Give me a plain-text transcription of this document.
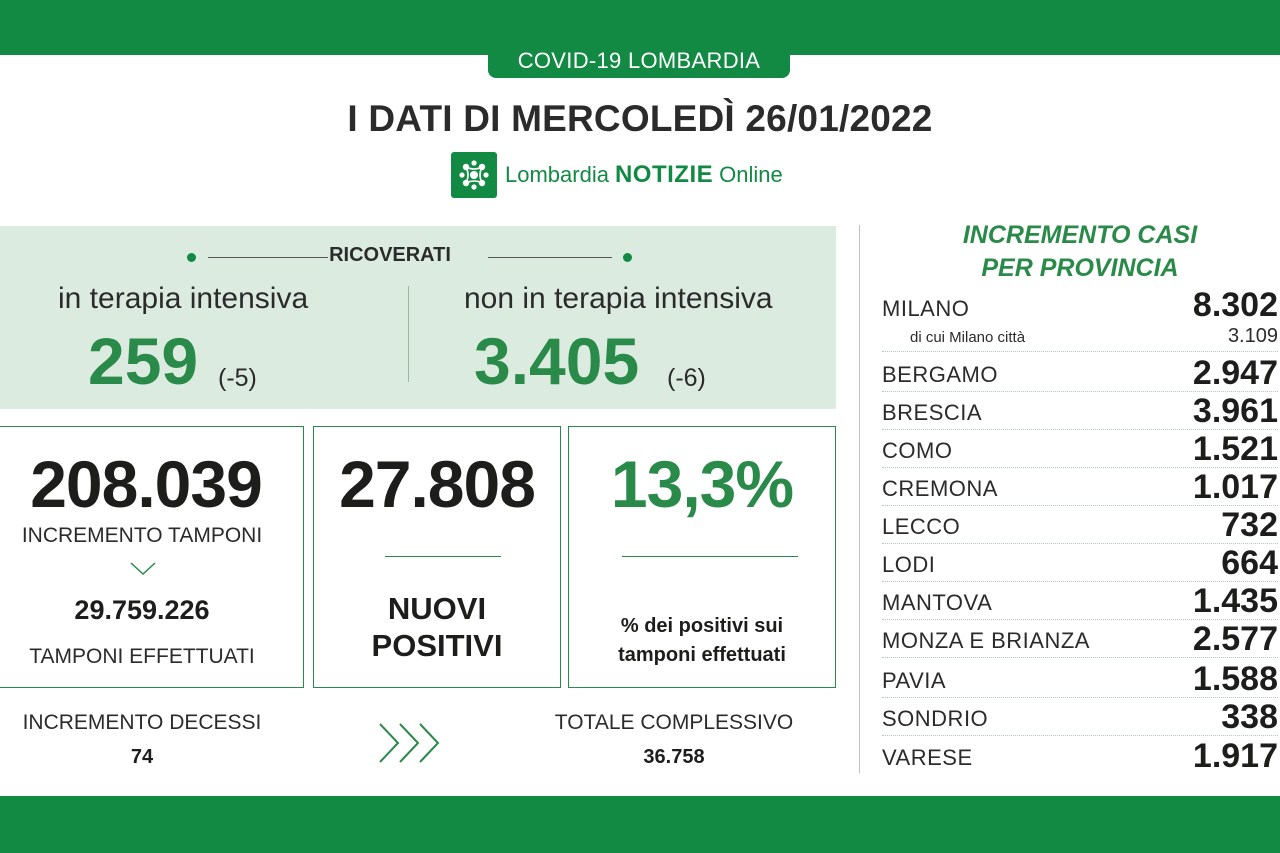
COVID-19 LOMBARDIA
I DATI DI MERCOLEDÌ 26/01/2022
Lombardia NOTIZIE Online
RICOVERATI
in terapia intensiva
259 (-5)
non in terapia intensiva
3.405 (-6)
208.039
INCREMENTO TAMPONI
29.759.226
TAMPONI EFFETTUATI
27.808
NUOVI
POSITIVI
13,3%
% dei positivi sui
tamponi effettuati
INCREMENTO DECESSI
74
TOTALE COMPLESSIVO
36.758
INCREMENTO CASI
PER PROVINCIA
MILANO	8.302
di cui Milano città	3.109
BERGAMO	2.947
BRESCIA	3.961
COMO	1.521
CREMONA	1.017
LECCO	732
LODI	664
MANTOVA	1.435
MONZA E BRIANZA	2.577
PAVIA	1.588
SONDRIO	338
VARESE	1.917
